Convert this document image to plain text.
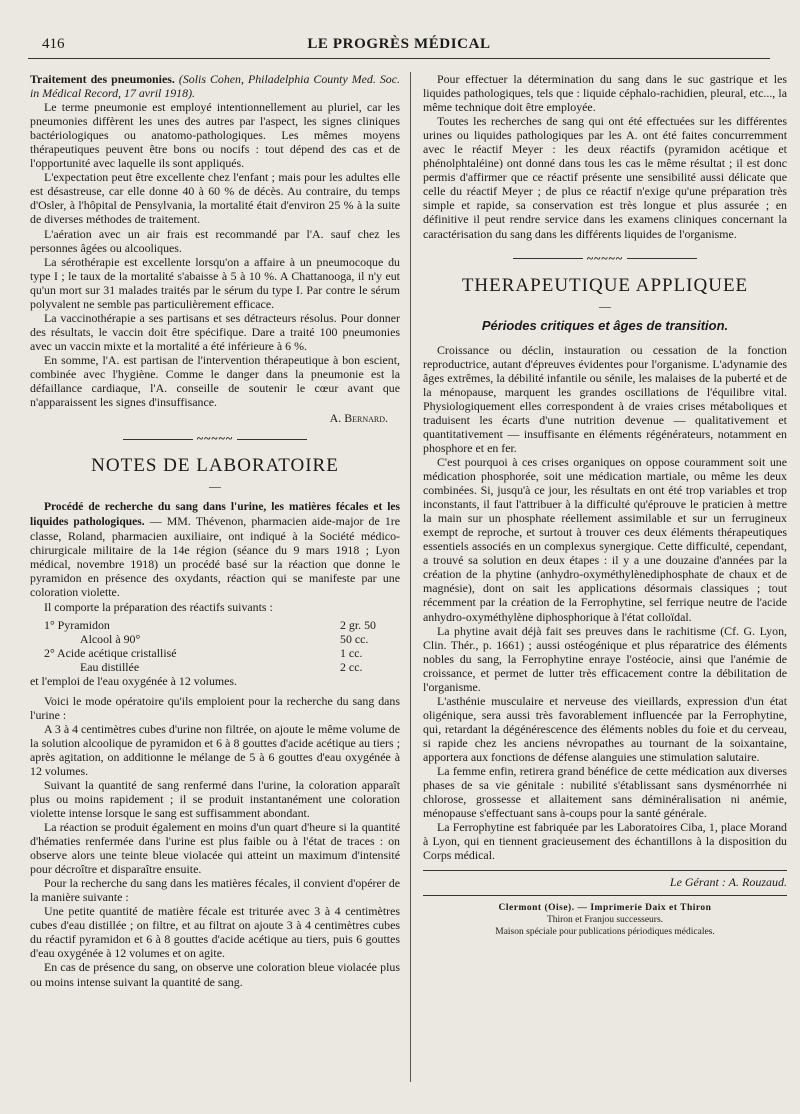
416	LE PROGRÈS MÉDICAL

Traitement des pneumonies. (Solis Cohen, Philadelphia County Med. Soc. in Médical Record, 17 avril 1918).

Le terme pneumonie est employé intentionnellement au pluriel, car les pneumonies diffèrent les unes des autres par l'aspect, les signes cliniques bactériologiques ou anatomo-pathologiques. Les mêmes moyens thérapeutiques peuvent être bons ou nocifs : tout dépend des cas et de l'opportunité avec laquelle ils sont appliqués.

L'expectation peut être excellente chez l'enfant ; mais pour les adultes elle est désastreuse, car elle donne 40 à 60 % de décès. Au contraire, du temps d'Osler, à l'hôpital de Pensylvania, la mortalité était d'environ 25 % à la suite de diverses méthodes de traitement.

L'aération avec un air frais est recommandé par l'A. sauf chez les personnes âgées ou alcooliques.

La sérothérapie est excellente lorsqu'on a affaire à un pneumocoque du type I ; le taux de la mortalité s'abaisse à 5 à 10 %. A Chattanooga, il n'y eut qu'un mort sur 31 malades traités par le sérum du type I. Par contre le sérum polyvalent ne semble pas particulièrement efficace.

La vaccinothérapie a ses partisans et ses détracteurs résolus. Pour donner des résultats, le vaccin doit être spécifique. Dare a traité 100 pneumonies avec un vaccin mixte et la mortalité a été inférieure à 6 %.

En somme, l'A. est partisan de l'intervention thérapeutique à bon escient, combinée avec l'hygiène. Comme le danger dans la pneumonie est la défaillance cardiaque, l'A. conseille de soutenir le cœur avant que n'apparaissent les signes d'insuffisance.

A. Bernard.
~~~~~
NOTES DE LABORATOIRE
—

Procédé de recherche du sang dans l'urine, les matières fécales et les liquides pathologiques. — MM. Thévenon, pharmacien aide-major de 1re classe, Roland, pharmacien auxiliaire, ont indiqué à la Société médico-chirurgicale militaire de la 14e région (séance du 9 mars 1918 ; Lyon médical, novembre 1918) un procédé basé sur la réaction que donne le pyramidon en présence des oxydants, réaction qui se manifeste par une coloration violette.

Il comporte la préparation des réactifs suivants :

1° Pyramidon	2 gr. 50
Alcool à 90°	50 cc.
2° Acide acétique cristallisé	1 cc.
Eau distillée	2 cc.

et l'emploi de l'eau oxygénée à 12 volumes.

Voici le mode opératoire qu'ils emploient pour la recherche du sang dans l'urine :

A 3 à 4 centimètres cubes d'urine non filtrée, on ajoute le même volume de la solution alcoolique de pyramidon et 6 à 8 gouttes d'acide acétique au tiers ; après agitation, on additionne le mélange de 5 à 6 gouttes d'eau oxygénée à 12 volumes.

Suivant la quantité de sang renfermé dans l'urine, la coloration apparaît plus ou moins rapidement ; il se produit instantanément une coloration violette intense lorsque le sang est suffisamment abondant.

La réaction se produit également en moins d'un quart d'heure si la quantité d'hématies renfermée dans l'urine est plus faible ou à l'état de traces : on observe alors une teinte bleue violacée qui atteint un maximum d'intensité pour décroître et disparaître ensuite.

Pour la recherche du sang dans les matières fécales, il convient d'opérer de la manière suivante :

Une petite quantité de matière fécale est triturée avec 3 à 4 centimètres cubes d'eau distillée ; on filtre, et au filtrat on ajoute 3 à 4 centimètres cubes du réactif pyramidon et 6 à 8 gouttes d'acide acétique au tiers, puis 6 gouttes d'eau oxygénée à 12 volumes et on agite.

En cas de présence du sang, on observe une coloration bleue violacée plus ou moins intense suivant la quantité de sang.

Pour effectuer la détermination du sang dans le suc gastrique et les liquides pathologiques, tels que : liquide céphalo-rachidien, pleural, etc..., la même technique doit être employée.

Toutes les recherches de sang qui ont été effectuées sur les différentes urines ou liquides pathologiques par les A. ont été faites concurremment avec le réactif Meyer : les deux réactifs (pyramidon acétique et phénolphtaléine) ont donné dans tous les cas le même résultat ; il est donc permis d'affirmer que ce réactif présente une sensibilité aussi délicate que celle du réactif Meyer ; de plus ce réactif n'exige qu'une préparation très simple et rapide, sa conservation est très longue et plus assurée ; en définitive il peut rendre service dans les examens cliniques concernant la caractérisation du sang dans les différents liquides de l'organisme.

~~~~~
THERAPEUTIQUE APPLIQUEE
—
Périodes critiques et âges de transition.

Croissance ou déclin, instauration ou cessation de la fonction reproductrice, autant d'épreuves évidentes pour l'organisme. L'adynamie des âges extrêmes, la débilité infantile ou sénile, les malaises de la puberté et de la ménopause, marquent les grandes oscillations de l'équilibre vital. Physiologiquement elles correspondent à de vraies crises métaboliques et traduisent les écarts d'une nutrition devenue — qualitativement et quantitativement — insuffisante en éléments régénérateurs, notamment en phosphore et en fer.

C'est pourquoi à ces crises organiques on oppose couramment soit une médication phosphorée, soit une médication martiale, ou même les deux combinées. Si, jusqu'à ce jour, les résultats en ont été trop variables et trop inconstants, il faut l'attribuer à la difficulté qu'éprouve le praticien à mettre la main sur un phosphate réellement assimilable et sur un ferrugineux exempt de reproche, et surtout à trouver ces deux éléments thérapeutiques essentiels associés en un complexus synergique. Cette difficulté, cependant, a trouvé sa solution en deux étapes : il y a une douzaine d'années par la création de la phytine (anhydro-oxyméthylènediphosphate de chaux et de magnésie), dont on sait les applications désormais classiques ; tout récemment par la création de la Ferrophytine, sel ferrique neutre de l'acide anhydro-oxyméthylène diphosphorique à l'état colloïdal.

La phytine avait déjà fait ses preuves dans le rachitisme (Cf. G. Lyon, Clin. Thér., p. 1661) ; aussi ostéogénique et plus réparatrice des éléments nobles du sang, la Ferrophytine enraye l'ostéocie, ainsi que l'anémie de croissance, et permet de lutter très efficacement contre la débilitation de l'organisme.

L'asthénie musculaire et nerveuse des vieillards, expression d'un état oligénique, sera aussi très favorablement influencée par la Ferrophytine, qui, retardant la dégénérescence des éléments nobles du foie et du cerveau, si rapide chez les anciens névropathes au tournant de la soixantaine, apportera aux fonctions de défense alanguies une stimulation salutaire.

La femme enfin, retirera grand bénéfice de cette médication aux diverses phases de sa vie génitale : nubilité s'établissant sans dysménorrhée ni chlorose, grossesse et allaitement sans déminéralisation ni anémie, ménopause s'effectuant sans à-coups pour la santé générale.

La Ferrophytine est fabriquée par les Laboratoires Ciba, 1, place Morand à Lyon, qui en tiennent gracieusement des échantillons à la disposition du Corps médical.

Le Gérant : A. Rouzaud.
Clermont (Oise). — Imprimerie Daix et Thiron
Thiron et Franjou successeurs.
Maison spéciale pour publications périodiques médicales.
